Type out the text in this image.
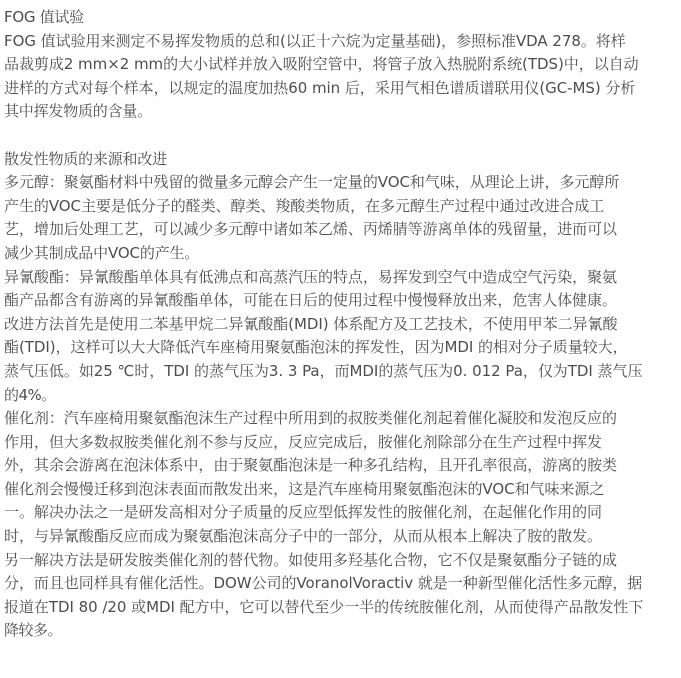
FOG 值试验
FOG 值试验用来测定不易挥发物质的总和(以正十六烷为定量基础)，参照标准VDA 278。将样
品裁剪成2 mm×2 mm的大小试样并放入吸附空管中，将管子放入热脱附系统(TDS)中，以自动
进样的方式对每个样本，以规定的温度加热60 min 后，采用气相色谱质谱联用仪(GC-MS) 分析
其中挥发物质的含量。
散发性物质的来源和改进
多元醇：聚氨酯材料中残留的微量多元醇会产生一定量的VOC和气味，从理论上讲，多元醇所
产生的VOC主要是低分子的醛类、醇类、羧酸类物质，在多元醇生产过程中通过改进合成工
艺，增加后处理工艺，可以减少多元醇中诸如苯乙烯、丙烯腈等游离单体的残留量，进而可以
减少其制成品中VOC的产生。
异氰酸酯：异氰酸酯单体具有低沸点和高蒸汽压的特点，易挥发到空气中造成空气污染，聚氨
酯产品都含有游离的异氰酸酯单体，可能在日后的使用过程中慢慢释放出来，危害人体健康。
改进方法首先是使用二苯基甲烷二异氰酸酯(MDI) 体系配方及工艺技术，不使用甲苯二异氰酸
酯(TDI)，这样可以大大降低汽车座椅用聚氨酯泡沫的挥发性，因为MDI 的相对分子质量较大，
蒸气压低。如25 ℃时，TDI 的蒸气压为3. 3 Pa，而MDI的蒸气压为0. 012 Pa，仅为TDI 蒸气压
的4%。
催化剂：汽车座椅用聚氨酯泡沫生产过程中所用到的叔胺类催化剂起着催化凝胶和发泡反应的
作用，但大多数叔胺类催化剂不参与反应，反应完成后，胺催化剂除部分在生产过程中挥发
外，其余会游离在泡沫体系中，由于聚氨酯泡沫是一种多孔结构，且开孔率很高，游离的胺类
催化剂会慢慢迁移到泡沫表面而散发出来，这是汽车座椅用聚氨酯泡沫的VOC和气味来源之
一。解决办法之一是研发高相对分子质量的反应型低挥发性的胺催化剂，在起催化作用的同
时，与异氰酸酯反应而成为聚氨酯泡沫高分子中的一部分，从而从根本上解决了胺的散发。
另一解决方法是研发胺类催化剂的替代物。如使用多羟基化合物，它不仅是聚氨酯分子链的成
分，而且也同样具有催化活性。DOW公司的VoranolVoractiv 就是一种新型催化活性多元醇，据
报道在TDI 80 /20 或MDI 配方中，它可以替代至少一半的传统胺催化剂，从而使得产品散发性下
降较多。
